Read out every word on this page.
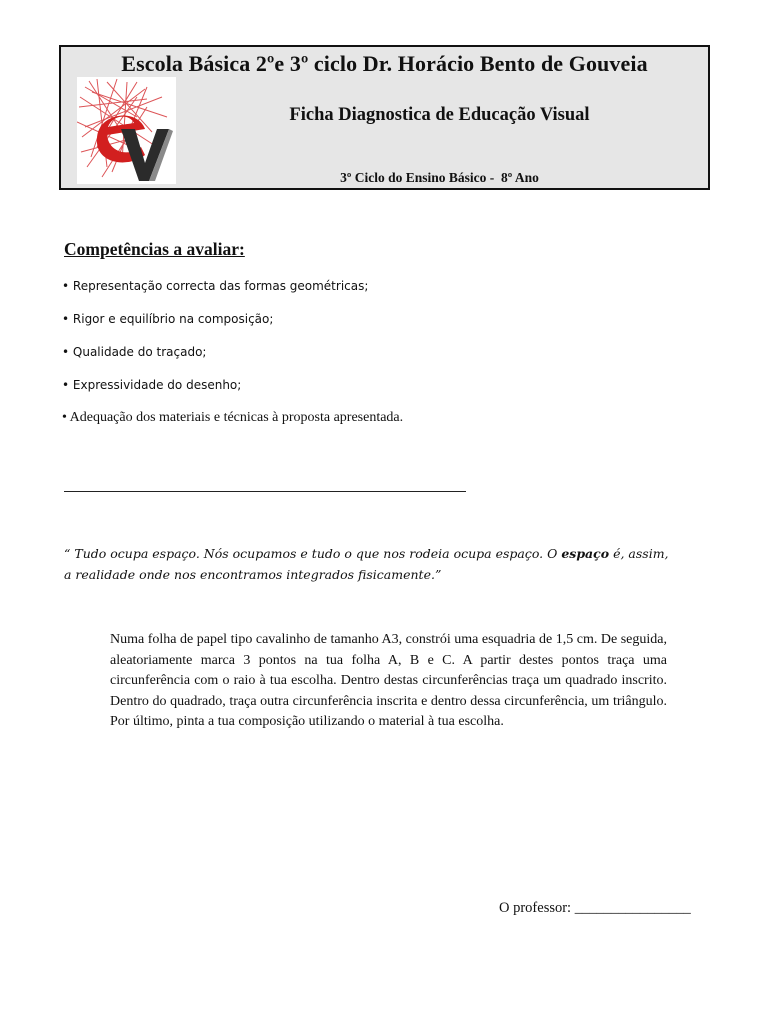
Escola Básica 2ºe 3º ciclo Dr. Horácio Bento de Gouveia
Ficha Diagnostica de Educação Visual
3º Ciclo do Ensino Básico -  8º Ano
Competências a avaliar:
• Representação correcta das formas geométricas;
• Rigor e equilíbrio na composição;
• Qualidade do traçado;
• Expressividade do desenho;
• Adequação dos materiais e técnicas à proposta apresentada.
“ Tudo ocupa espaço. Nós ocupamos e tudo o que nos rodeia ocupa espaço. O espaço é, assim, a realidade onde nos encontramos integrados fisicamente.”
Numa folha de papel tipo cavalinho de tamanho A3, constrói uma esquadria de 1,5 cm. De seguida, aleatoriamente marca 3 pontos na tua folha A, B e C. A partir destes pontos traça uma circunferência com o raio à tua escolha. Dentro destas circunferências traça um quadrado inscrito. Dentro do quadrado, traça outra circunferência inscrita e dentro dessa circunferência, um triângulo. Por último, pinta a tua composição utilizando o material à tua escolha.
O professor: ________________
